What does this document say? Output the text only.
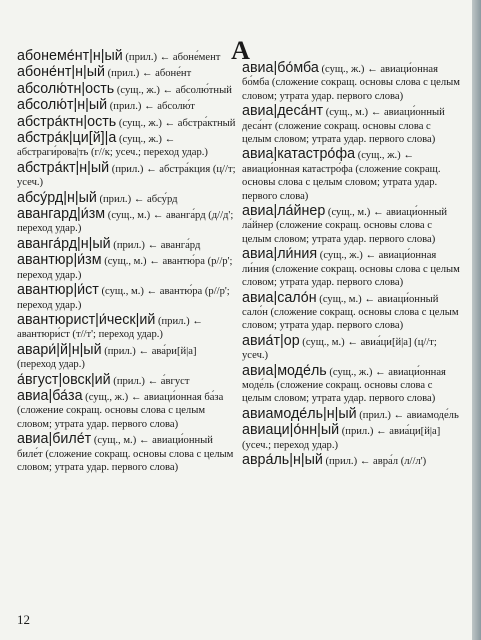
А
абонеме́нт|н|ый (прил.) ← абоне́мент
абоне́нт|н|ый (прил.) ← абоне́нт
абсолю́тн|ость (сущ., ж.) ← абсолю́тный
абсолю́т|н|ый (прил.) ← абсолю́т
абстра́ктн|ость (сущ., ж.) ← абстра́ктный
абстра́к|ци[й]|а (сущ., ж.) ← абстраги́рова|ть (г//к; усеч.; переход удар.)
абстра́кт|н|ый (прил.) ← абстра́кция (ц//т; усеч.)
абсу́рд|н|ый (прил.) ← абсу́рд
авангард|и́зм (сущ., м.) ← аванга́рд (д//д'; переход удар.)
аванга́рд|н|ый (прил.) ← аванга́рд
авантюр|и́зм (сущ., м.) ← авантю́ра (р//р'; переход удар.)
авантюр|и́ст (сущ., м.) ← авантю́ра (р//р'; переход удар.)
авантюрист|и́ческ|ий (прил.) ← авантюри́ст (т//т'; переход удар.)
авари́|й|н|ый (прил.) ← ава́ри[й|а] (переход удар.)
а́вгуст|овск|ий (прил.) ← а́вгуст
авиа|ба́за (сущ., ж.) ← авиаци́онная ба́за (сложение сокращ. основы слова с целым словом; утрата удар. первого слова)
авиа|биле́т (сущ., м.) ← авиаци́онный биле́т (сложение сокращ. основы слова с целым словом; утрата удар. первого слова)
авиа|бо́мба (сущ., ж.) ← авиаци́онная бо́мба (сложение сокращ. основы слова с целым словом; утрата удар. первого слова)
авиа|деса́нт (сущ., м.) ← авиаци́онный деса́нт (сложение сокращ. основы слова с целым словом; утрата удар. первого слова)
авиа|катастро́фа (сущ., ж.) ← авиаци́онная катастро́фа (сложение сокращ. основы слова с целым словом; утрата удар. первого слова)
авиа|ла́йнер (сущ., м.) ← авиаци́онный ла́йнер (сложение сокращ. основы слова с целым словом; утрата удар. первого слова)
авиа|ли́ния (сущ., ж.) ← авиаци́онная ли́ния (сложение сокращ. основы слова с целым словом; утрата удар. первого слова)
авиа|сало́н (сущ., м.) ← авиаци́онный сало́н (сложение сокращ. основы слова с целым словом; утрата удар. первого слова)
авиа́т|ор (сущ., м.) ← авиа́ци[й|а] (ц//т; усеч.)
авиа|моде́ль (сущ., ж.) ← авиаци́онная моде́ль (сложение сокращ. основы слова с целым словом; утрата удар. первого слова)
авиамоде́ль|н|ый (прил.) ← авиамоде́ль
авиаци|о́нн|ый (прил.) ← авиа́ци[й|а] (усеч.; переход удар.)
авра́ль|н|ый (прил.) ← авра́л (л//л')
12
